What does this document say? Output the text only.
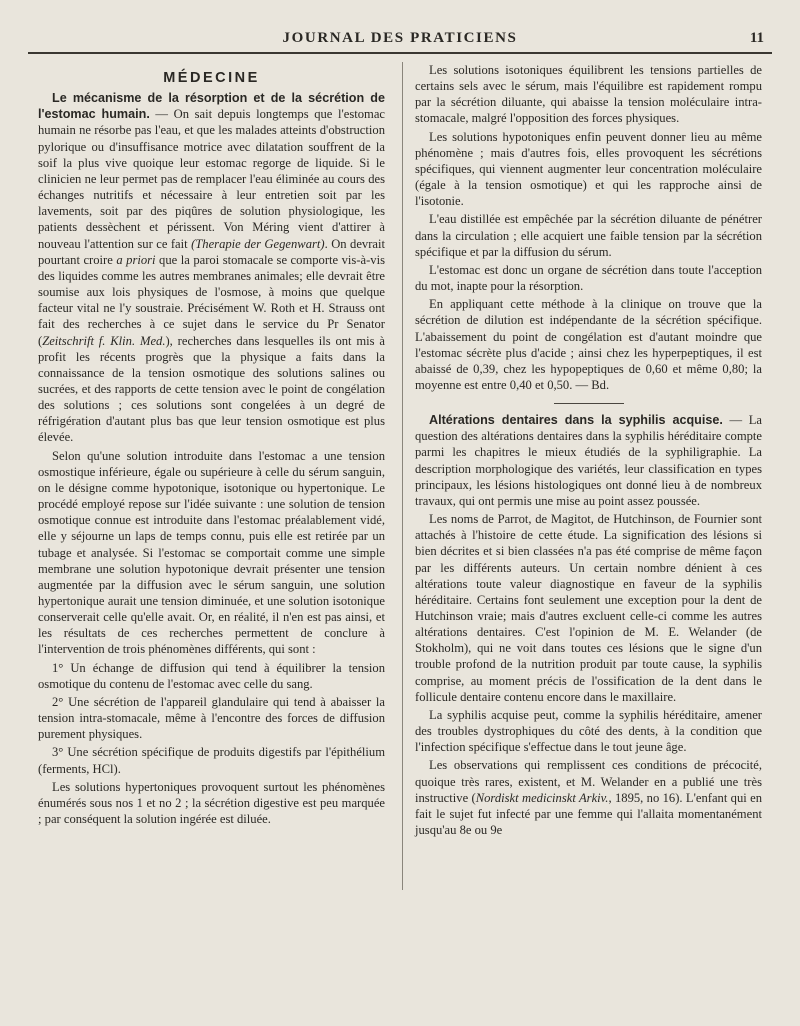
JOURNAL DES PRATICIENS	11
MÉDECINE

Le mécanisme de la résorption et de la sécrétion de l'estomac humain. — On sait depuis longtemps que l'estomac humain ne résorbe pas l'eau, et que les malades atteints d'obstruction pylorique ou d'insuffisance motrice avec dilatation souffrent de la soif la plus vive quoique leur estomac regorge de liquide. Si le clinicien ne leur permet pas de remplacer l'eau éliminée au cours des échanges nutritifs et nécessaire à leur entretien soit par les lavements, soit par des piqûres de solution physiologique, les patients dessèchent et périssent. Von Méring vient d'attirer à nouveau l'attention sur ce fait (Therapie der Gegenwart). On devrait pourtant croire a priori que la paroi stomacale se comporte vis-à-vis des liquides comme les autres membranes animales; elle devrait être soumise aux lois physiques de l'osmose, à moins que quelque facteur vital ne l'y soustraie. Précisément W. Roth et H. Strauss ont fait des recherches à ce sujet dans le service du Pr Senator (Zeitschrift f. Klin. Med.), recherches dans lesquelles ils ont mis à profit les récents progrès que la physique a faits dans la connaissance de la tension osmotique des solutions salines ou sucrées, et des rapports de cette tension avec le point de congélation des solutions ; ces solutions sont congelées à un degré de réfrigération d'autant plus bas que leur tension osmotique est plus élevée.

Selon qu'une solution introduite dans l'estomac a une tension osmostique inférieure, égale ou supérieure à celle du sérum sanguin, on le désigne comme hypotonique, isotonique ou hypertonique. Le procédé employé repose sur l'idée suivante : une solution de tension osmotique connue est introduite dans l'estomac préalablement vidé, elle y séjourne un laps de temps connu, puis elle est retirée par un tubage et analysée. Si l'estomac se comportait comme une simple membrane une solution hypotonique devrait présenter une tension augmentée par la diffusion avec le sérum sanguin, une solution hypertonique aurait une tension diminuée, et une solution isotonique conserverait celle qu'elle avait. Or, en réalité, il n'en est pas ainsi, et les résultats de ces recherches permettent de conclure à l'intervention de trois phénomènes différents, qui sont :

1° Un échange de diffusion qui tend à équilibrer la tension osmotique du contenu de l'estomac avec celle du sang.

2° Une sécrétion de l'appareil glandulaire qui tend à abaisser la tension intra-stomacale, même à l'encontre des forces de diffusion purement physiques.

3° Une sécrétion spécifique de produits digestifs par l'épithélium (ferments, HCl).

Les solutions hypertoniques provoquent surtout les phénomènes énumérés sous nos 1 et no 2 ; la sécrétion digestive est peu marquée ; par conséquent la solution ingérée est diluée.

Les solutions isotoniques équilibrent les tensions partielles de certains sels avec le sérum, mais l'équilibre est rapidement rompu par la sécrétion diluante, qui abaisse la tension moléculaire intra-stomacale, malgré l'opposition des forces physiques.

Les solutions hypotoniques enfin peuvent donner lieu au même phénomène ; mais d'autres fois, elles provoquent les sécrétions spécifiques, qui viennent augmenter leur concentration moléculaire (égale à la tension osmotique) et qui les rapproche ainsi de l'isotonie.

L'eau distillée est empêchée par la sécrétion diluante de pénétrer dans la circulation ; elle acquiert une faible tension par la sécrétion spécifique et par la diffusion du sérum.

L'estomac est donc un organe de sécrétion dans toute l'acception du mot, inapte pour la résorption.

En appliquant cette méthode à la clinique on trouve que la sécrétion de dilution est indépendante de la sécrétion spécifique. L'abaissement du point de congélation est d'autant moindre que l'estomac sécrète plus d'acide ; ainsi chez les hyperpeptiques, il est abaissé de 0,39, chez les hypopeptiques de 0,60 et même 0,80; la moyenne est entre 0,40 et 0,50. — Bd.

Altérations dentaires dans la syphilis acquise. — La question des altérations dentaires dans la syphilis héréditaire compte parmi les chapitres le mieux étudiés de la syphiligraphie. La description morphologique des variétés, leur classification en types principaux, les lésions histologiques ont donné lieu à de nombreux travaux, qui ont permis une mise au point assez poussée.

Les noms de Parrot, de Magitot, de Hutchinson, de Fournier sont attachés à l'histoire de cette étude. La signification des lésions si bien décrites et si bien classées n'a pas été comprise de même façon par les différents auteurs. Un certain nombre dénient à ces altérations toute valeur diagnostique en faveur de la syphilis héréditaire. Certains font seulement une exception pour la dent de Hutchinson vraie; mais d'autres excluent celle-ci comme les autres altérations dentaires. C'est l'opinion de M. E. Welander (de Stokholm), qui ne voit dans toutes ces lésions que le signe d'un trouble profond de la nutrition produit par toute cause, la syphilis comprise, au moment précis de l'ossification de la dent dans le follicule dentaire contenu encore dans le maxillaire.

La syphilis acquise peut, comme la syphilis héréditaire, amener des troubles dystrophiques du côté des dents, à la condition que l'infection spécifique s'effectue dans le tout jeune âge.

Les observations qui remplissent ces conditions de précocité, quoique très rares, existent, et M. Welander en a publié une très instructive (Nordiskt medicinskt Arkiv., 1895, no 16). L'enfant qui en fait le sujet fut infecté par une femme qui l'allaita momentanément jusqu'au 8e ou 9e
